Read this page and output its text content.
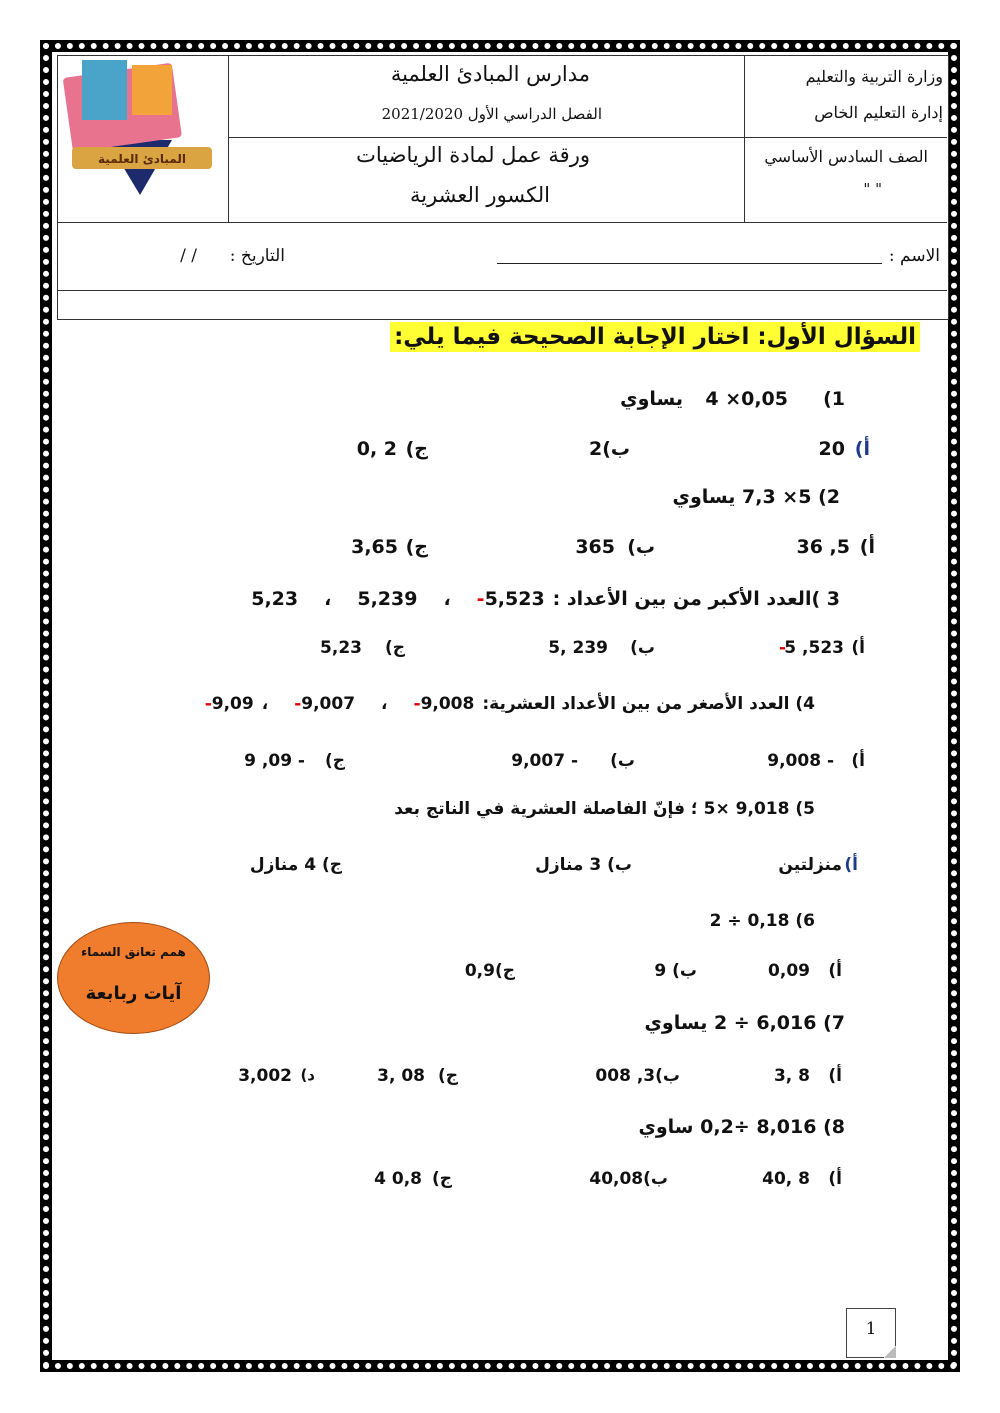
المبادئ العلمية
مدارس المبادئ العلمية
الفصل الدراسي الأول 2021/2020
وزارة التربية والتعليم
إدارة التعليم الخاص
ورقة عمل لمادة الرياضيات
الكسور العشرية
الصف السادس الأساسي
" "
الاسم :
التاريخ :
/ /
السؤال الأول: اختار الإجابة الصحيحة فيما يلي:
1)
4 ×0,05
يساوي
أ)
20
ب)2
ج)
0, 2
2) 5× 7,3 يساوي
أ)
36 ,5
ب)
365
ج)
3,65
3 )العدد الأكبر من بين الأعداد :
5,523
-
،
5,239
،
5,23
أ)
5 ,523
-
ب)
5, 239
ج)
5,23
4) العدد الأصغر من بين الأعداد العشرية:
9,008
-
،
9,007
-
،
9,09
-
أ)
9,008 -
ب)
9,007 -
ج)
9 ,09 -
5) 9,018 ×5 ؛ فإنّ الفاصلة العشرية في الناتج بعد
أ)
منزلتين
ب) 3 منازل
ج) 4 منازل
6) 0,18 ÷ 2
أ)
0,09
ب) 9
ج)0,9
همم تعانق السماء
آيات ربابعة
7) 6,016 ÷ 2 يساوي
أ)
3, 8
ب)3, 008
ج)
3, 08
د)
3,002
8) 8,016 ÷0,2 ساوي
أ)
40, 8
ب)40,08
ج)
4 0,8
1
